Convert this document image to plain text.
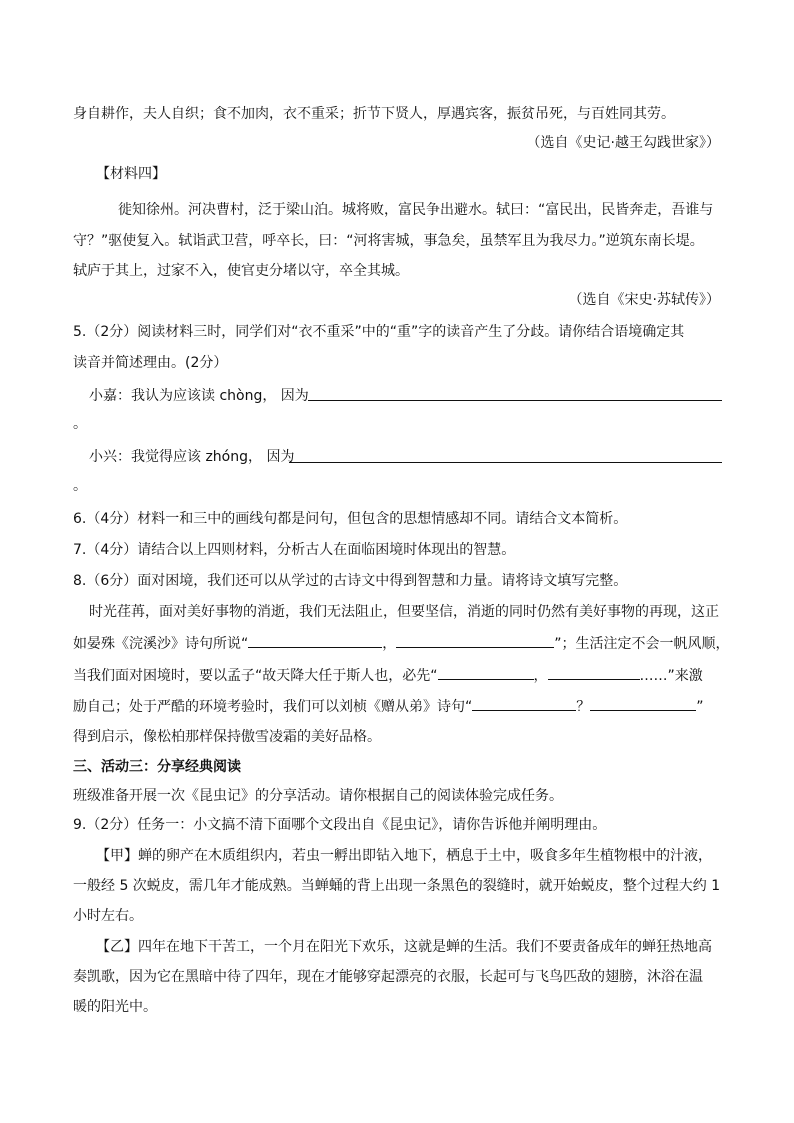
身自耕作，夫人自织；食不加肉，衣不重采；折节下贤人，厚遇宾客，振贫吊死，与百姓同其劳。
（选自《史记·越王勾践世家》）
【材料四】
徙知徐州。河决曹村，泛于梁山泊。城将败，富民争出避水。轼曰：“富民出，民皆奔走，吾谁与
守？”驱使复入。轼诣武卫营，呼卒长，曰：“河将害城，事急矣，虽禁军且为我尽力。”逆筑东南长堤。
轼庐于其上，过家不入，使官吏分堵以守，卒全其城。
（选自《宋史·苏轼传》）
5.（2分）阅读材料三时，同学们对“衣不重采”中的“重”字的读音产生了分歧。请你结合语境确定其
读音并简述理由。(2分）
小嘉：我认为应该读 chòng， 因为
。
小兴：我觉得应该 zhóng， 因为
。
6.（4分）材料一和三中的画线句都是问句，但包含的思想情感却不同。请结合文本简析。
7.（4分）请结合以上四则材料，分析古人在面临困境时体现出的智慧。
8.（6分）面对困境，我们还可以从学过的古诗文中得到智慧和力量。请将诗文填写完整。
时光荏苒，面对美好事物的消逝，我们无法阻止，但要坚信，消逝的同时仍然有美好事物的再现，这正
如晏殊《浣溪沙》诗句所说“	，	”；生活注定不会一帆风顺，
当我们面对困境时，要以孟子“故天降大任于斯人也，必先“	，	……”来激
励自己；处于严酷的环境考验时，我们可以刘桢《赠从弟》诗句“	？	”
得到启示，像松柏那样保持傲雪凌霜的美好品格。
三、活动三：分享经典阅读
班级准备开展一次《昆虫记》的分享活动。请你根据自己的阅读体验完成任务。
9.（2分）任务一：小文搞不清下面哪个文段出自《昆虫记》，请你告诉他并阐明理由。
【甲】蝉的卵产在木质组织内，若虫一孵出即钻入地下，栖息于土中，吸食多年生植物根中的汁液，
一般经 5 次蜕皮，需几年才能成熟。当蝉蛹的背上出现一条黑色的裂缝时，就开始蜕皮，整个过程大约 1
小时左右。
【乙】四年在地下干苦工，一个月在阳光下欢乐，这就是蝉的生活。我们不要责备成年的蝉狂热地高
奏凯歌，因为它在黑暗中待了四年，现在才能够穿起漂亮的衣服，长起可与飞鸟匹敌的翅膀，沐浴在温
暖的阳光中。
